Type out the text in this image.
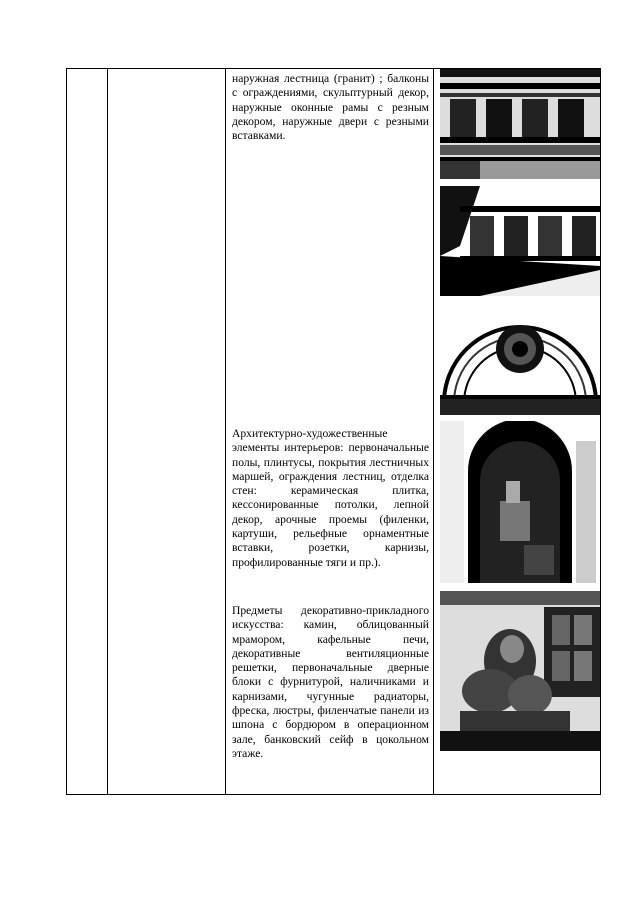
наружная лестница (гранит) ; балконы с ограждениями, скульптурный декор, наружные оконные рамы с резным декором, наружные двери с резными вставками.
Архитектурно-художественные элементы интерьеров: первоначальные полы, плинтусы, покрытия лестничных маршей, ограждения лестниц, отделка стен: керамическая плитка, кессонированные потолки, лепной декор, арочные проемы (филенки, картуши, рельефные орнаментные вставки, розетки, карнизы, профилированные тяги и пр.).
Предметы декоративно-прикладного искусства: камин, облицованный мрамором, кафельные печи, декоративные вентиляционные решетки, первоначальные дверные блоки с фурнитурой, наличниками и карнизами, чугунные радиаторы, фреска, люстры, филенчатые панели из шпона с бордюром в операционном зале, банковский сейф в цокольном этаже.
